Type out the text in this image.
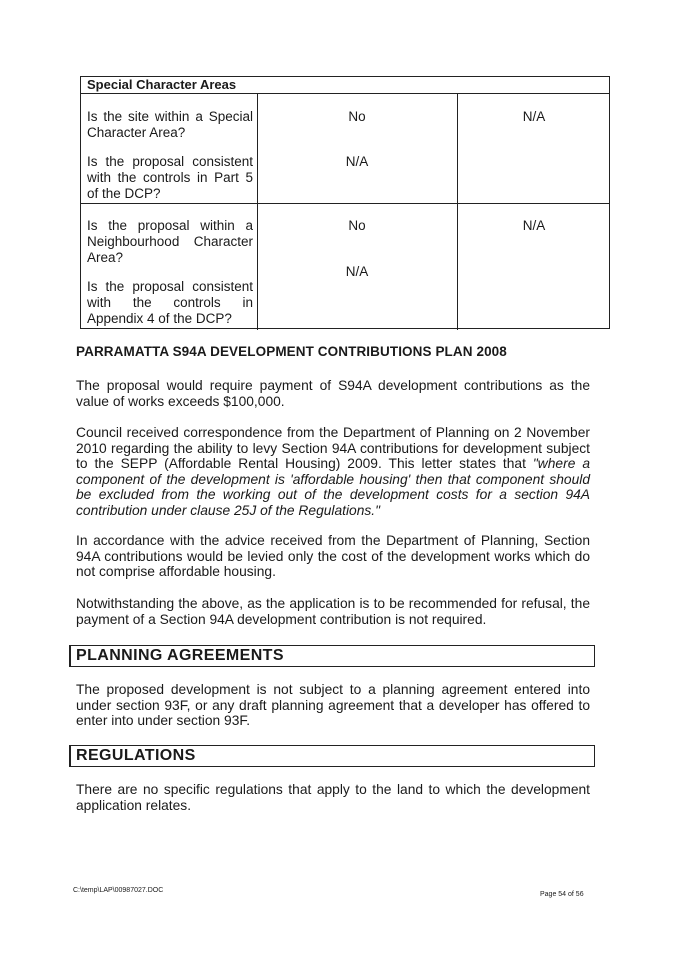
Special Character Areas
Is the site within a Special Character Area?
No	N/A
Is the proposal consistent with the controls in Part 5 of the DCP?
N/A
Is the proposal within a Neighbourhood Character Area?
No	N/A
Is the proposal consistent with the controls in Appendix 4 of the DCP?
N/A
PARRAMATTA S94A DEVELOPMENT CONTRIBUTIONS PLAN 2008
The proposal would require payment of S94A development contributions as the value of works exceeds $100,000.
Council received correspondence from the Department of Planning on 2 November 2010 regarding the ability to levy Section 94A contributions for development subject to the SEPP (Affordable Rental Housing) 2009. This letter states that "where a component of the development is 'affordable housing' then that component should be excluded from the working out of the development costs for a section 94A contribution under clause 25J of the Regulations."
In accordance with the advice received from the Department of Planning, Section 94A contributions would be levied only the cost of the development works which do not comprise affordable housing.
Notwithstanding the above, as the application is to be recommended for refusal, the payment of a Section 94A development contribution is not required.
PLANNING AGREEMENTS
The proposed development is not subject to a planning agreement entered into under section 93F, or any draft planning agreement that a developer has offered to enter into under section 93F.
REGULATIONS
There are no specific regulations that apply to the land to which the development application relates.
C:\temp\LAP\00987027.DOC
Page 54 of 56
